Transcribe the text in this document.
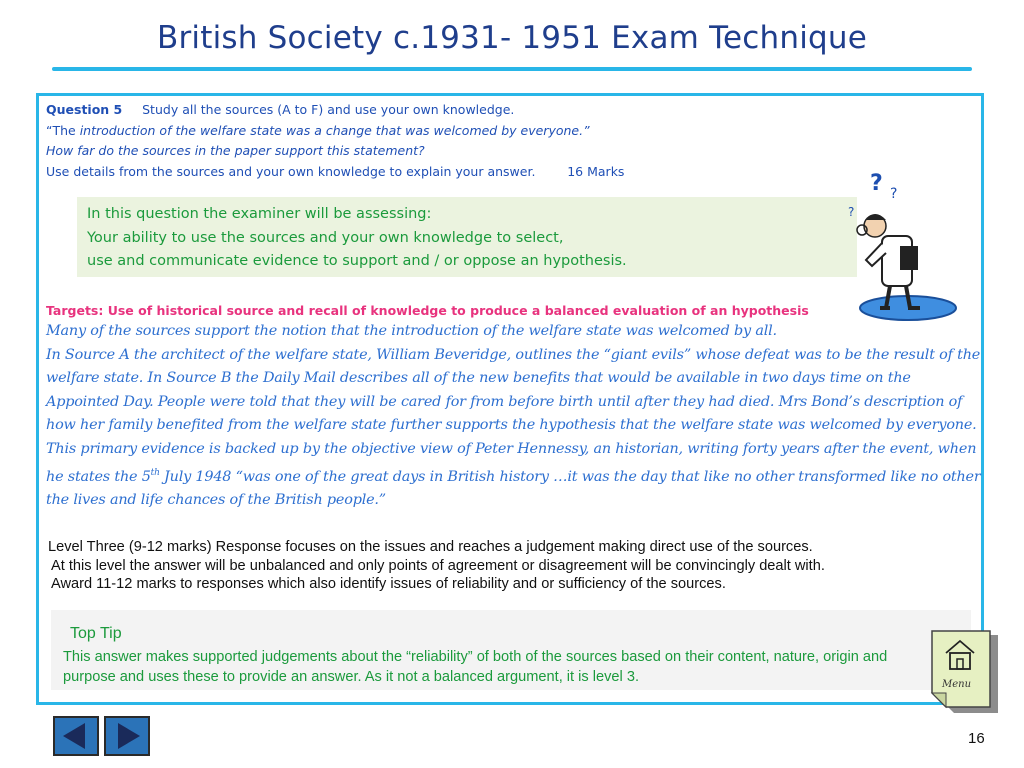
British Society c.1931- 1951 Exam Technique
Question 5 Study all the sources (A to F) and use your own knowledge.
“The introduction of the welfare state was a change that was welcomed by everyone.”
How far do the sources in the paper support this statement?
Use details from the sources and your own knowledge to explain your answer.	16 Marks
In this question the examiner will be assessing:
Your ability to use the sources and your own knowledge to select,
use and communicate evidence to support and / or oppose an hypothesis.
? ?
?
Targets: Use of historical source and recall of knowledge to produce a balanced evaluation of an hypothesis
Many of the sources support the notion that the introduction of the welfare state was welcomed by all.
In Source A the architect of the welfare state, William Beveridge, outlines the “giant evils” whose defeat was to be the result of the welfare state. In Source B the Daily Mail describes all of the new benefits that would be available in two days time on the Appointed Day. People were told that they will be cared for from before birth until after they had died. Mrs Bond’s description of how her family benefited from the welfare state further supports the hypothesis that the welfare state was welcomed by everyone. This primary evidence is backed up by the objective view of Peter Hennessy, an historian, writing forty years after the event, when he states the 5th July 1948 “was one of the great days in British history …it was the day that like no other transformed like no other the lives and life chances of the British people.”
Level Three (9-12 marks) Response focuses on the issues and reaches a judgement making direct use of the sources.
At this level the answer will be unbalanced and only points of agreement or disagreement will be convincingly dealt with.
Award 11-12 marks to responses which also identify issues of reliability and or sufficiency of the sources.
Top Tip
This answer makes supported judgements about the “reliability” of both of the sources based on their content, nature, origin and purpose and uses these to provide an answer. As it not a balanced argument, it is level 3.	Menu
16
